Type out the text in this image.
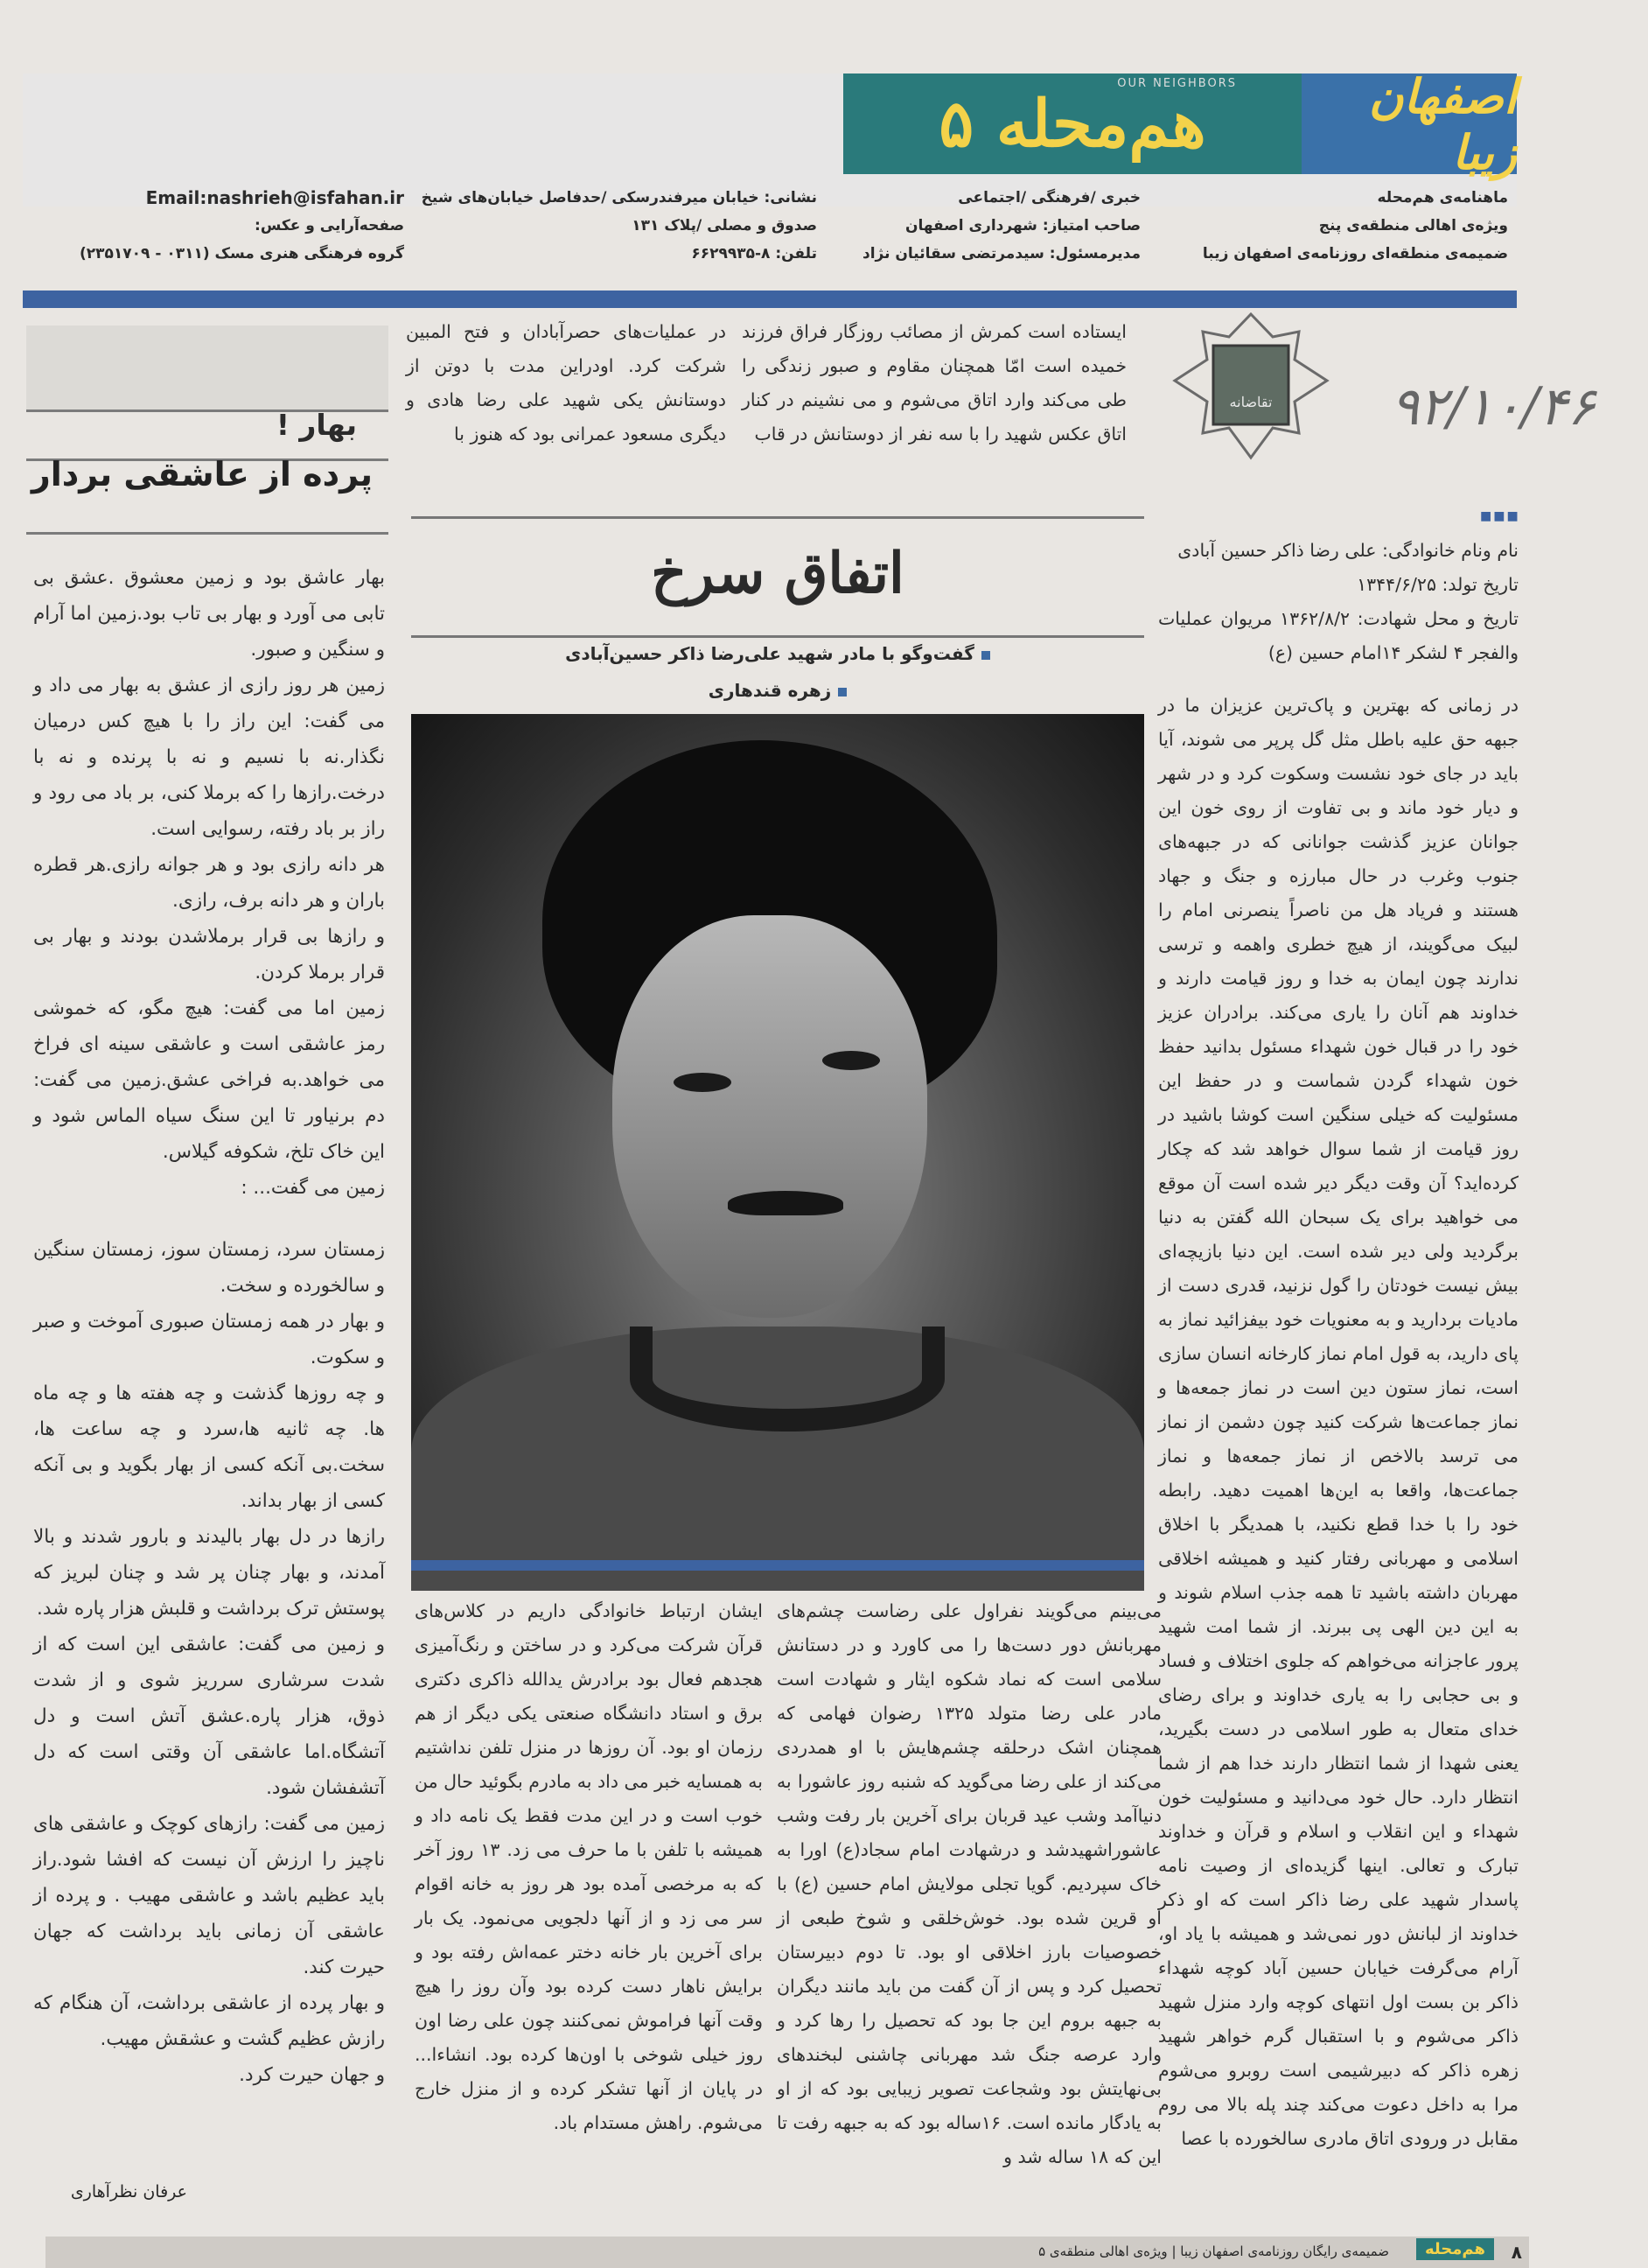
هم‌محله ۵	اصفهان زیبا
OUR NEIGHBORS
ماهنامه‌ی هم‌محله
ویژه‌ی اهالی منطقه‌ی پنج
ضمیمه‌ی منطقه‌ای روزنامه‌ی اصفهان زیبا
خبری /فرهنگی /اجتماعی
صاحب امتیاز: شهرداری اصفهان
مدیرمسئول: سیدمرتضی سقائیان نژاد
نشانی: خیابان میرفندرسکی /حدفاصل خیابان‌های شیخ
صدوق و مصلی /پلاک ۱۳۱
تلفن: ۸-۶۶۲۹۹۳۵
Email:nashrieh@isfahan.ir
صفحه‌آرایی و عکس:
گروه فرهنگی هنری مسک (۰۳۱۱ - ۲۳۵۱۷۰۹)
بهار !
پرده از عاشقی بردار

بهار عاشق بود و زمین معشوق .عشق بی تابی می آورد و بهار بی تاب بود.زمین اما آرام و سنگین و صبور.

زمین هر روز رازی از عشق به بهار می داد و می گفت: این راز را با هیچ کس درمیان نگذار.نه با نسیم و نه با پرنده و نه با درخت.رازها را که برملا کنی، بر باد می رود و راز بر باد رفته، رسوایی است.

هر دانه رازی بود و هر جوانه رازی.هر قطره باران و هر دانه برف، رازی.

و رازها بی قرار برملاشدن بودند و بهار بی قرار برملا کردن.

زمین اما می گفت: هیچ مگو، که خموشی رمز عاشقی است و عاشقی سینه ای فراخ می خواهد.به فراخی عشق.زمین می گفت: دم برنیاور تا این سنگ سیاه الماس شود و این خاک تلخ، شکوفه گیلاس.

زمین می گفت... :

زمستان سرد، زمستان سوز، زمستان سنگین و سالخورده و سخت.

و بهار در همه زمستان صبوری آموخت و صبر و سکوت.

و چه روزها گذشت و چه هفته ها و چه ماه ها. چه ثانیه ها،سرد و چه ساعت ها، سخت.بی آنکه کسی از بهار بگوید و بی آنکه کسی از بهار بداند.

رازها در دل بهار بالیدند و بارور شدند و بالا آمدند، و بهار چنان پر شد و چنان لبریز که پوستش ترک برداشت و قلبش هزار پاره شد.

و زمین می گفت: عاشقی این است که از شدت سرشاری سرریز شوی و از شدت ذوق، هزار پاره.عشق آتش است و دل آتشگاه.اما عاشقی آن وقتی است که دل آتشفشان شود.

زمین می گفت: رازهای کوچک و عاشقی های ناچیز را ارزش آن نیست که افشا شود.راز باید عظیم باشد و عاشقی مهیب . و پرده از عاشقی آن زمانی باید برداشت که جهان حیرت کند.

و بهار پرده از عاشقی برداشت، آن هنگام که رازش عظیم گشت و عشقش مهیب.

و جهان حیرت کرد.

عرفان نظرآهاری
ایستاده است کمرش از مصائب روزگار فراق فرزند خمیده است امّا همچنان مقاوم و صبور زندگی را طی می‌کند وارد اتاق می‌شوم و می نشینم در کنار اتاق عکس شهید را با سه نفر از دوستانش در قاب
در عملیات‌های حصرآبادان و فتح المبین شرکت کرد. اودراین مدت با دوتن از دوستانش یکی شهید علی رضا هادی و دیگری مسعود عمرانی بود که هنوز با
اتفاق سرخ
گفت‌وگو با مادر شهید علی‌رضا ذاکر حسین‌آبادی
زهره قندهاری
می‌بینم می‌گویند نفراول علی رضاست چشم‌های مهربانش دور دست‌ها را می کاورد و در دستانش سلامی است که نماد شکوه ایثار و شهادت است مادر علی رضا متولد ۱۳۲۵ رضوان فهامی که همچنان اشک درحلقه چشم‌هایش با او همدردی می‌کند از علی رضا می‌گوید که شنبه روز عاشورا به دنیاآمد وشب عید قربان برای آخرین بار رفت وشب عاشوراشهیدشد و درشهادت امام سجاد(ع) اورا به خاک سپردیم. گویا تجلی مولایش امام حسین (ع) با او قرین شده بود. خوش‌خلقی و شوخ طبعی از خصوصیات بارز اخلاقی او بود. تا دوم دبیرستان تحصیل کرد و پس از آن گفت من باید مانند دیگران به جبهه بروم این جا بود که تحصیل را رها کرد و وارد عرصه جنگ شد مهربانی چاشنی لبخندهای بی‌نهایتش بود وشجاعت تصویر زیبایی بود که از او به یادگار مانده است. ۱۶ساله بود که به جبهه رفت تا این که ۱۸ ساله شد و
ایشان ارتباط خانوادگی داریم در کلاس‌های قرآن شرکت می‌کرد و در ساختن و رنگ‌آمیزی هجدهم فعال بود برادرش یدالله ذاکری دکتری برق و استاد دانشگاه صنعتی یکی دیگر از هم رزمان او بود. آن روزها در منزل تلفن نداشتیم به همسایه خبر می داد به مادرم بگوئید حال من خوب است و در این مدت فقط یک نامه داد و همیشه با تلفن با ما حرف می زد. ۱۳ روز آخر که به مرخصی آمده بود هر روز به خانه اقوام سر می زد و از آنها دلجویی می‌نمود. یک بار برای آخرین بار خانه دختر عمه‌اش رفته بود و برایش ناهار دست کرده بود وآن روز را هیچ وقت آنها فراموش نمی‌کنند چون علی رضا اون روز خیلی شوخی با اون‌ها کرده بود. انشاءا... در پایان از آنها تشکر کرده و از منزل خارج می‌شوم. راهش مستدام باد.
تقاضانه ۹۲/۱۰/۴۶
■■■

نام ونام خانوادگی: علی رضا ذاکر حسین آبادی

تاریخ تولد: ۱۳۴۴/۶/۲۵

تاریخ و محل شهادت: ۱۳۶۲/۸/۲ مریوان عملیات والفجر ۴ لشکر ۱۴امام حسین (ع)

در زمانی که بهترین و پاک‌ترین عزیزان ما در جبهه حق علیه باطل مثل گل پرپر می شوند، آیا باید در جای خود نشست وسکوت کرد و در شهر و دیار خود ماند و بی تفاوت از روی خون این جوانان عزیز گذشت جوانانی که در جبهه‌های جنوب وغرب در حال مبارزه و جنگ و جهاد هستند و فریاد هل من ناصراً ینصرنی امام را لبیک می‌گویند، از هیچ خطری واهمه و ترسی ندارند چون ایمان به خدا و روز قیامت دارند و خداوند هم آنان را یاری می‌کند. برادران عزیز خود را در قبال خون شهداء مسئول بدانید حفظ خون شهداء گردن شماست و در حفظ این مسئولیت که خیلی سنگین است کوشا باشید در روز قیامت از شما سوال خواهد شد که چکار کرده‌اید؟ آن وقت دیگر دیر شده است آن موقع می خواهید برای یک سبحان الله گفتن به دنیا برگردید ولی دیر شده است. این دنیا بازیچه‌ای بیش نیست خودتان را گول نزنید، قدری دست از ماديات بردارید و به معنويات خود بیفزائید نماز به پای دارید، به قول امام نماز کارخانه انسان سازی است، نماز ستون دین است در نماز جمعه‌ها و نماز جماعت‌ها شرکت کنید چون دشمن از نماز می ترسد بالاخص از نماز جمعه‌ها و نماز جماعت‌ها، واقعا به این‌ها اهمیت دهید. رابطه خود را با خدا قطع نکنید، با همدیگر با اخلاق اسلامی و مهربانی رفتار کنید و همیشه اخلاقی مهربان داشته باشید تا همه جذب اسلام شوند و به این دین الهی پی ببرند. از شما امت شهید پرور عاجزانه می‌خواهم که جلوی اختلاف و فساد و بی حجابی را به یاری خداوند و برای رضای خدای متعال به طور اسلامی در دست بگیرید، یعنی شهدا از شما انتظار دارند خدا هم از شما انتظار دارد. حال خود می‌دانید و مسئولیت خون شهداء و این انقلاب و اسلام و قرآن و خداوند تبارک و تعالی. اینها گزیده‌ای از وصیت نامه پاسدار شهید علی رضا ذاکر است که او ذکر خداوند از لبانش دور نمی‌شد و همیشه با یاد او، آرام می‌گرفت خیابان حسین آباد کوچه شهداء ذاکر بن بست اول انتهای کوچه وارد منزل شهید ذاکر می‌شوم و با استقبال گرم خواهر شهید زهره ذاکر که دبیرشیمی است روبرو می‌شوم مرا به داخل دعوت می‌کند چند پله بالا می روم مقابل در ورودی اتاق مادری سالخورده با عصا
۸
هم‌محله
ضمیمه‌ی رایگان روزنامه‌ی اصفهان زیبا | ویژه‌ی اهالی منطقه‌ی ۵
